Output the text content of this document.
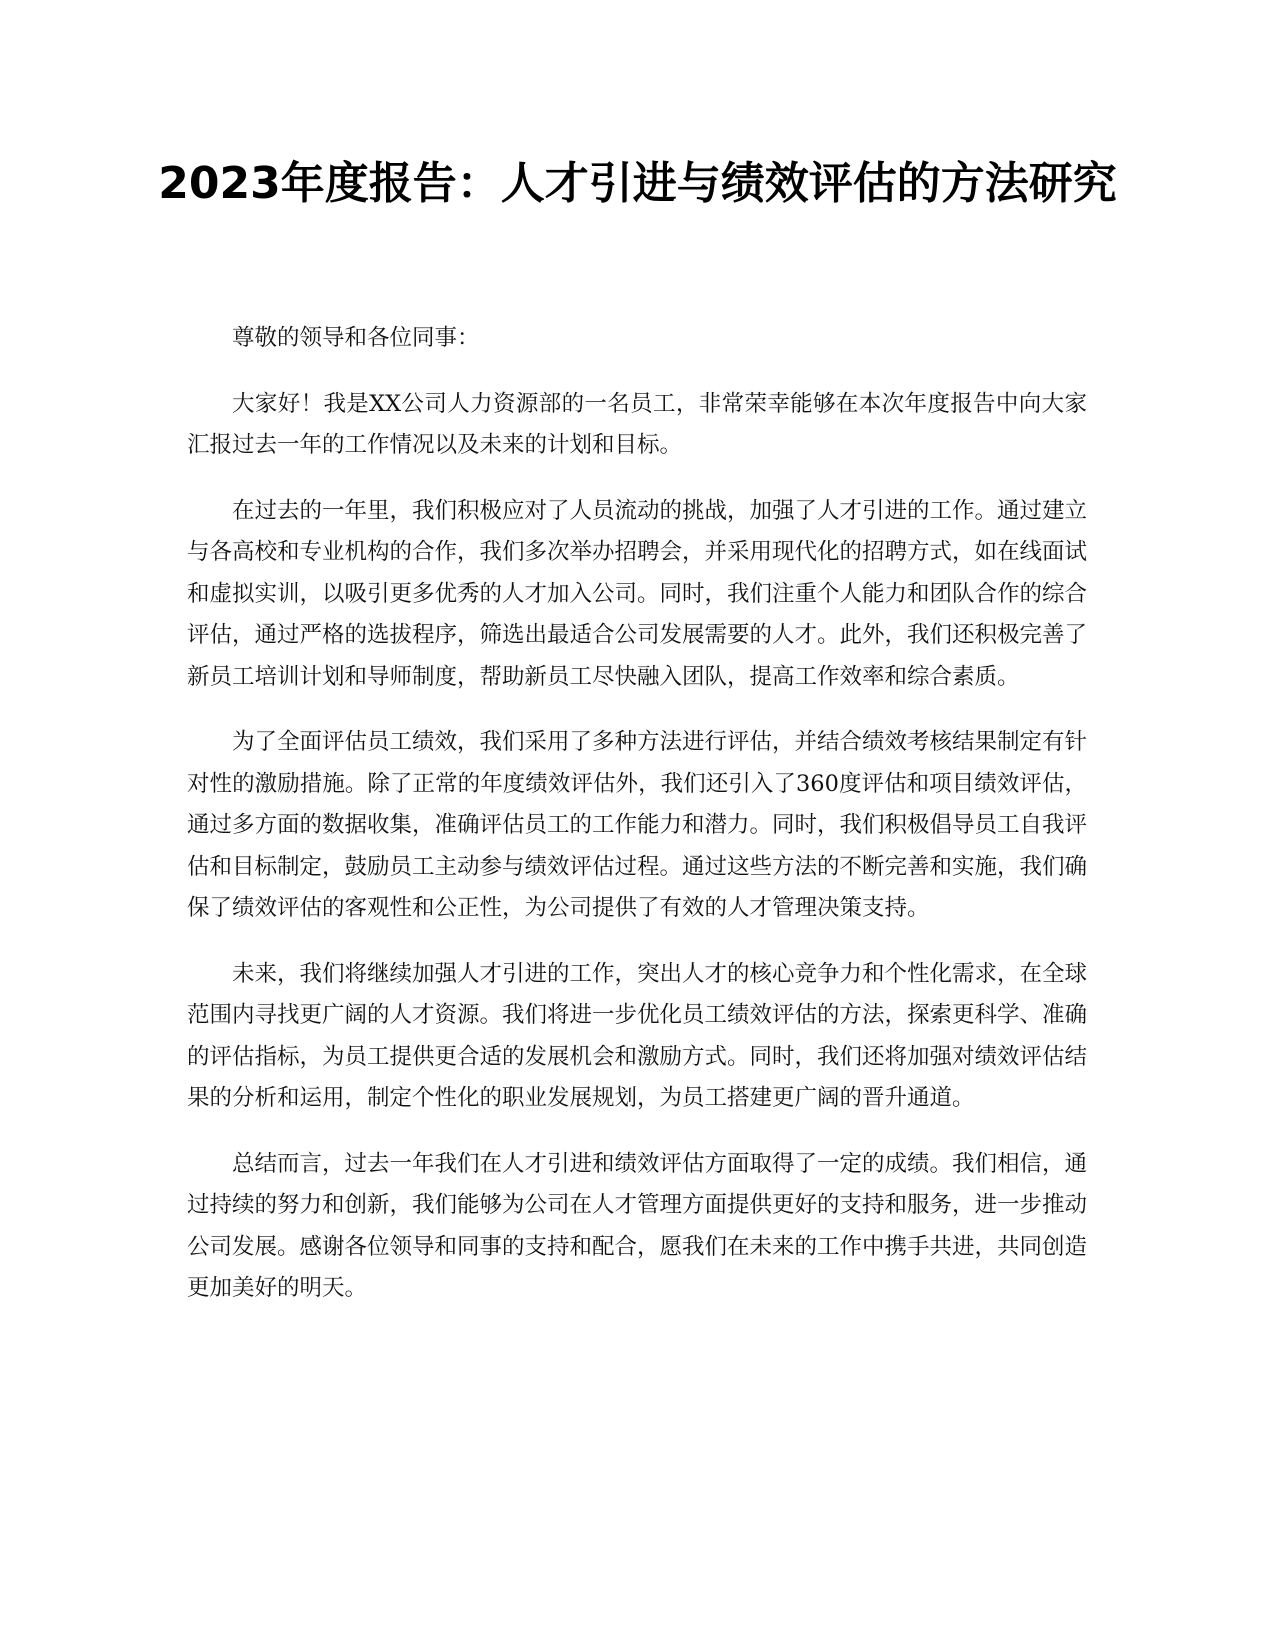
2023年度报告：人才引进与绩效评估的方法研究

尊敬的领导和各位同事：

大家好！我是XX公司人力资源部的一名员工，非常荣幸能够在本次年度报告中向大家汇报过去一年的工作情况以及未来的计划和目标。

在过去的一年里，我们积极应对了人员流动的挑战，加强了人才引进的工作。通过建立与各高校和专业机构的合作，我们多次举办招聘会，并采用现代化的招聘方式，如在线面试和虚拟实训，以吸引更多优秀的人才加入公司。同时，我们注重个人能力和团队合作的综合评估，通过严格的选拔程序，筛选出最适合公司发展需要的人才。此外，我们还积极完善了新员工培训计划和导师制度，帮助新员工尽快融入团队，提高工作效率和综合素质。

为了全面评估员工绩效，我们采用了多种方法进行评估，并结合绩效考核结果制定有针对性的激励措施。除了正常的年度绩效评估外，我们还引入了360度评估和项目绩效评估，通过多方面的数据收集，准确评估员工的工作能力和潜力。同时，我们积极倡导员工自我评估和目标制定，鼓励员工主动参与绩效评估过程。通过这些方法的不断完善和实施，我们确保了绩效评估的客观性和公正性，为公司提供了有效的人才管理决策支持。

未来，我们将继续加强人才引进的工作，突出人才的核心竞争力和个性化需求，在全球范围内寻找更广阔的人才资源。我们将进一步优化员工绩效评估的方法，探索更科学、准确的评估指标，为员工提供更合适的发展机会和激励方式。同时，我们还将加强对绩效评估结果的分析和运用，制定个性化的职业发展规划，为员工搭建更广阔的晋升通道。

总结而言，过去一年我们在人才引进和绩效评估方面取得了一定的成绩。我们相信，通过持续的努力和创新，我们能够为公司在人才管理方面提供更好的支持和服务，进一步推动公司发展。感谢各位领导和同事的支持和配合，愿我们在未来的工作中携手共进，共同创造更加美好的明天。
